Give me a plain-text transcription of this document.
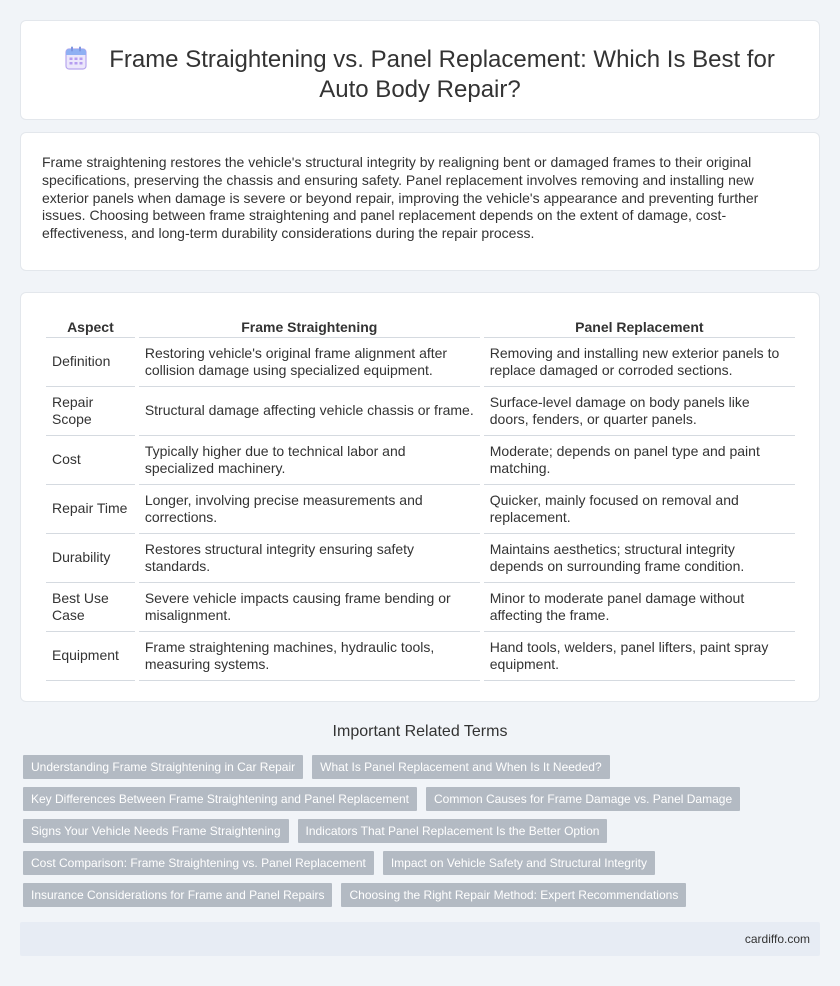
Frame Straightening vs. Panel Replacement: Which Is Best for Auto Body Repair?

Frame straightening restores the vehicle's structural integrity by realigning bent or damaged frames to their original specifications, preserving the chassis and ensuring safety. Panel replacement involves removing and installing new exterior panels when damage is severe or beyond repair, improving the vehicle's appearance and preventing further issues. Choosing between frame straightening and panel replacement depends on the extent of damage, cost-effectiveness, and long-term durability considerations during the repair process.

Aspect	Frame Straightening	Panel Replacement
Definition	Restoring vehicle's original frame alignment after collision damage using specialized equipment.	Removing and installing new exterior panels to replace damaged or corroded sections.
Repair Scope	Structural damage affecting vehicle chassis or frame.	Surface-level damage on body panels like doors, fenders, or quarter panels.
Cost	Typically higher due to technical labor and specialized machinery.	Moderate; depends on panel type and paint matching.
Repair Time	Longer, involving precise measurements and corrections.	Quicker, mainly focused on removal and replacement.
Durability	Restores structural integrity ensuring safety standards.	Maintains aesthetics; structural integrity depends on surrounding frame condition.
Best Use Case	Severe vehicle impacts causing frame bending or misalignment.	Minor to moderate panel damage without affecting the frame.
Equipment	Frame straightening machines, hydraulic tools, measuring systems.	Hand tools, welders, panel lifters, paint spray equipment.
Important Related Terms
Understanding Frame Straightening in Car Repair	What Is Panel Replacement and When Is It Needed?
Key Differences Between Frame Straightening and Panel Replacement	Common Causes for Frame Damage vs. Panel Damage
Signs Your Vehicle Needs Frame Straightening	Indicators That Panel Replacement Is the Better Option
Cost Comparison: Frame Straightening vs. Panel Replacement	Impact on Vehicle Safety and Structural Integrity
Insurance Considerations for Frame and Panel Repairs	Choosing the Right Repair Method: Expert Recommendations
cardiffo.com
